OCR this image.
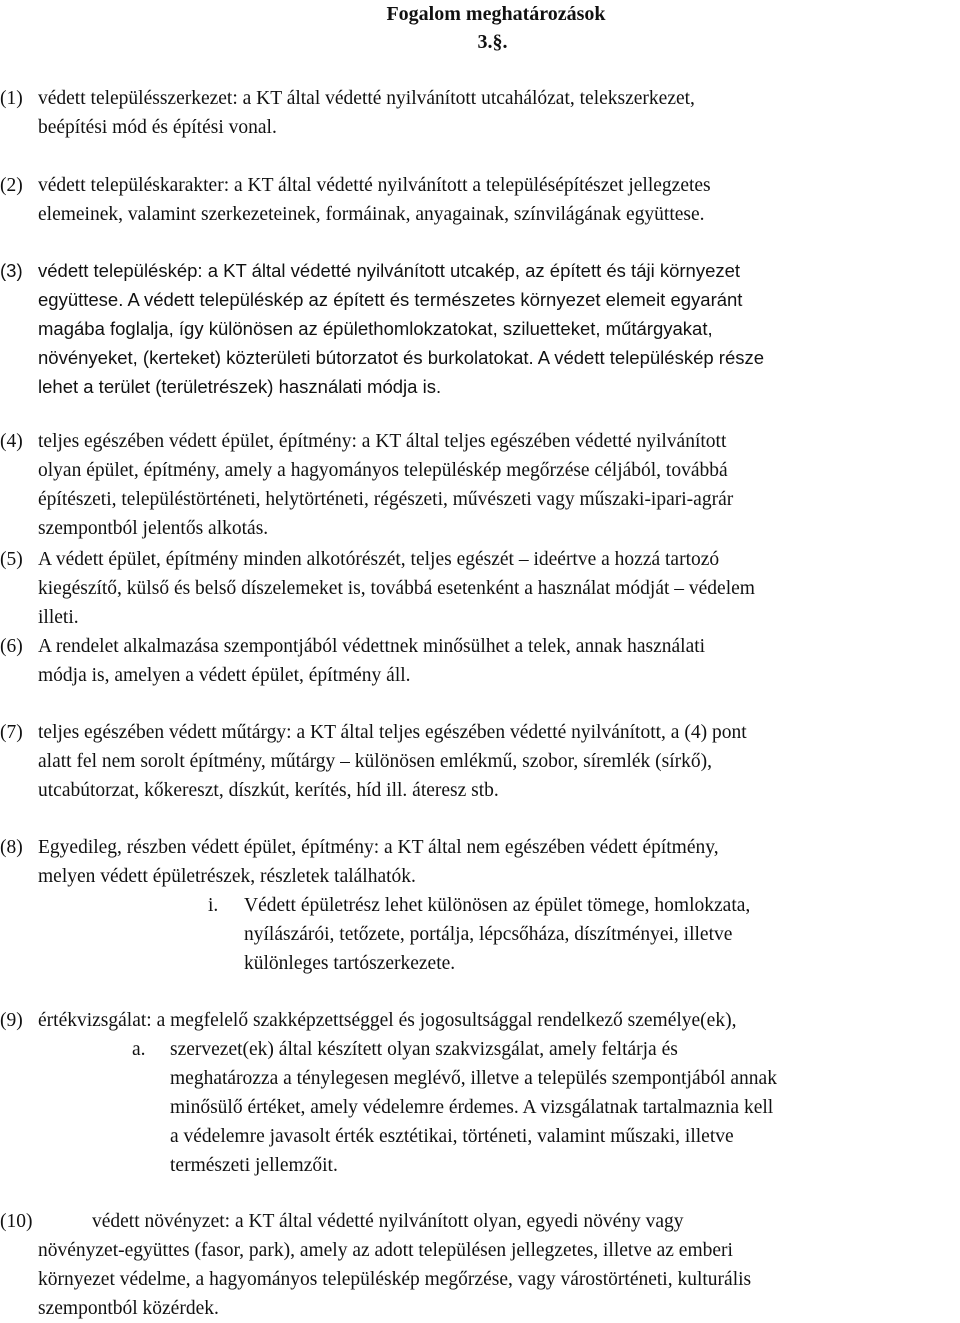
Fogalom meghatározások
3.§.

(1) védett településszerkezet: a KT által védetté nyilvánított utcahálózat, telekszerkezet,

beépítési mód és építési vonal.

(2) védett településkarakter: a KT által védetté nyilvánított a településépítészet jellegzetes

elemeinek, valamint szerkezeteinek, formáinak, anyagainak, színvilágának együttese.

(3) védett településkép: a KT által védetté nyilvánított utcakép, az épített és táji környezet

együttese. A védett településkép az épített és természetes környezet elemeit egyaránt

magába foglalja, így különösen az épülethomlokzatokat, sziluetteket, műtárgyakat,

növényeket, (kerteket) közterületi bútorzatot és burkolatokat. A védett településkép része

lehet a terület (területrészek) használati módja is.

(4) teljes egészében védett épület, építmény: a KT által teljes egészében védetté nyilvánított

olyan épület, építmény, amely a hagyományos településkép megőrzése céljából, továbbá

építészeti, településtörténeti, helytörténeti, régészeti, művészeti vagy műszaki-ipari-agrár

szempontból jelentős alkotás.

(5) A védett épület, építmény minden alkotórészét, teljes egészét – ideértve a hozzá tartozó

kiegészítő, külső és belső díszelemeket is, továbbá esetenként a használat módját – védelem

illeti.

(6) A rendelet alkalmazása szempontjából védettnek minősülhet a telek, annak használati

módja is, amelyen a védett épület, építmény áll.

(7) teljes egészében védett műtárgy: a KT által teljes egészében védetté nyilvánított, a (4) pont

alatt fel nem sorolt építmény, műtárgy – különösen emlékmű, szobor, síremlék (sírkő),

utcabútorzat, kőkereszt, díszkút, kerítés, híd ill. áteresz stb.

(8) Egyedileg, részben védett épület, építmény: a KT által nem egészében védett építmény,

melyen védett épületrészek, részletek találhatók.

i. Védett épületrész lehet különösen az épület tömege, homlokzata,

nyílászárói, tetőzete, portálja, lépcsőháza, díszítményei, illetve

különleges tartószerkezete.

(9) értékvizsgálat: a megfelelő szakképzettséggel és jogosultsággal rendelkező személye(ek),

a. szervezet(ek) által készített olyan szakvizsgálat, amely feltárja és

meghatározza a ténylegesen meglévő, illetve a település szempontjából annak

minősülő értéket, amely védelemre érdemes. A vizsgálatnak tartalmaznia kell

a védelemre javasolt érték esztétikai, történeti, valamint műszaki, illetve

természeti jellemzőit.

(10)	védett növényzet: a KT által védetté nyilvánított olyan, egyedi növény vagy

növényzet-együttes (fasor, park), amely az adott településen jellegzetes, illetve az emberi

környezet védelme, a hagyományos településkép megőrzése, vagy várostörténeti, kulturális

szempontból közérdek.
